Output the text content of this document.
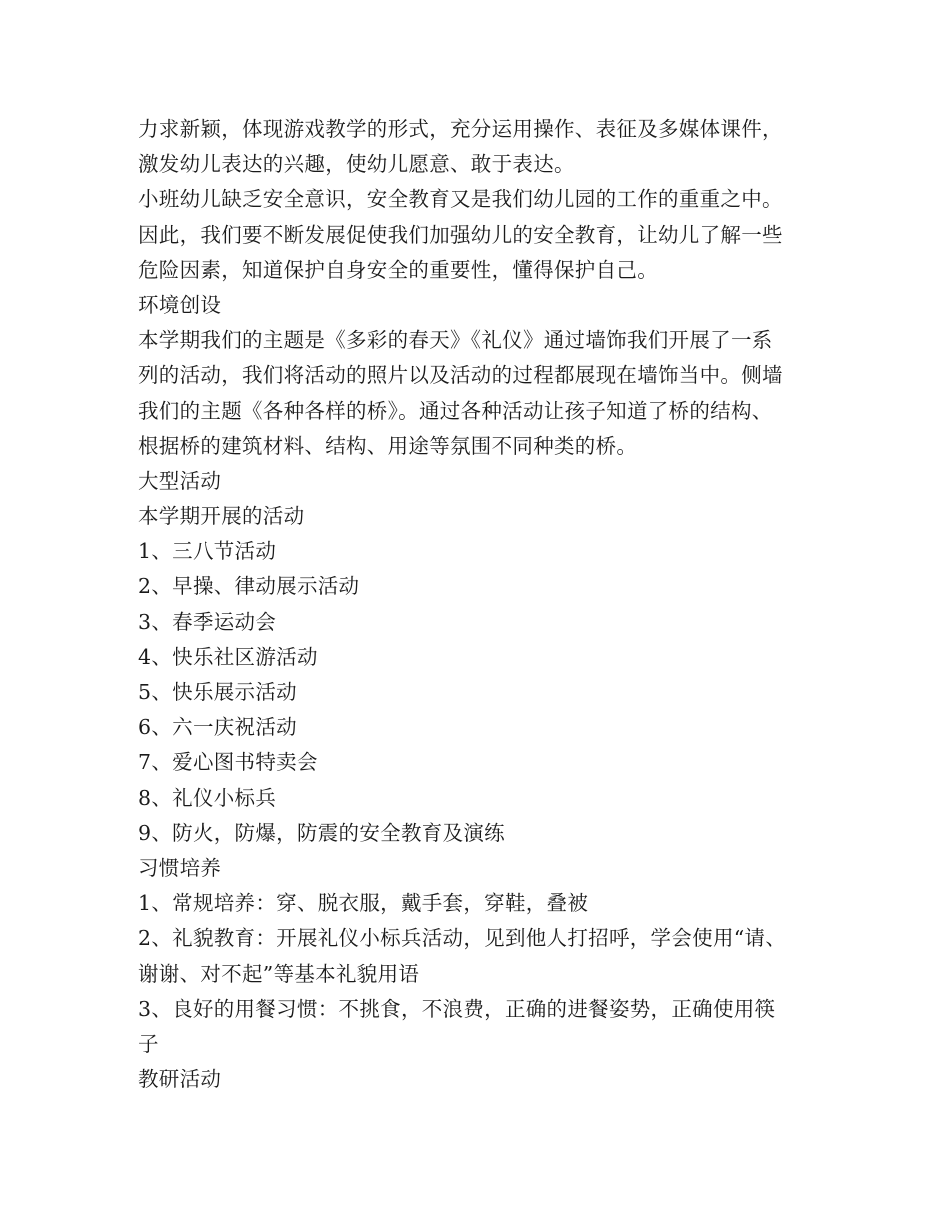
力求新颖，体现游戏教学的形式，充分运用操作、表征及多媒体课件，
激发幼儿表达的兴趣，使幼儿愿意、敢于表达。
小班幼儿缺乏安全意识，安全教育又是我们幼儿园的工作的重重之中。
因此，我们要不断发展促使我们加强幼儿的安全教育，让幼儿了解一些
危险因素，知道保护自身安全的重要性，懂得保护自己。
环境创设
本学期我们的主题是《多彩的春天》《礼仪》通过墙饰我们开展了一系
列的活动，我们将活动的照片以及活动的过程都展现在墙饰当中。侧墙
我们的主题《各种各样的桥》。通过各种活动让孩子知道了桥的结构、
根据桥的建筑材料、结构、用途等氛围不同种类的桥。
大型活动
本学期开展的活动
1、三八节活动
2、早操、律动展示活动
3、春季运动会
4、快乐社区游活动
5、快乐展示活动
6、六一庆祝活动
7、爱心图书特卖会
8、礼仪小标兵
9、防火，防爆，防震的安全教育及演练
习惯培养
1、常规培养：穿、脱衣服，戴手套，穿鞋，叠被
2、礼貌教育：开展礼仪小标兵活动，见到他人打招呼，学会使用“请、
谢谢、对不起”等基本礼貌用语
3、良好的用餐习惯：不挑食，不浪费，正确的进餐姿势，正确使用筷
子
教研活动
